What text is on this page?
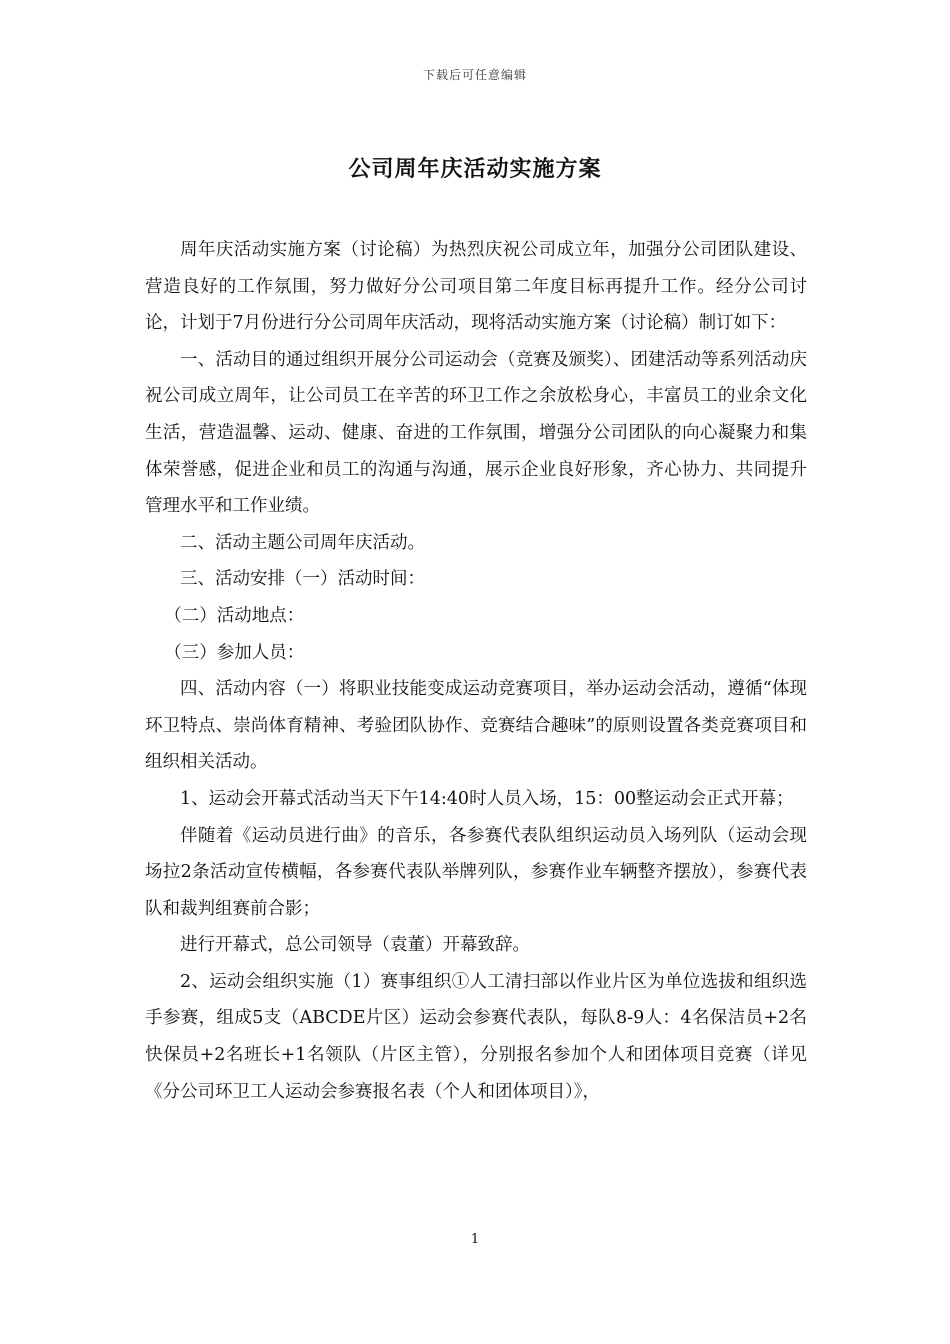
下载后可任意编辑
公司周年庆活动实施方案

周年庆活动实施方案（讨论稿）为热烈庆祝公司成立年，加强分公司团队建设、营造良好的工作氛围，努力做好分公司项目第二年度目标再提升工作。经分公司讨论，计划于7月份进行分公司周年庆活动，现将活动实施方案（讨论稿）制订如下：

一、活动目的通过组织开展分公司运动会（竞赛及颁奖）、团建活动等系列活动庆祝公司成立周年，让公司员工在辛苦的环卫工作之余放松身心，丰富员工的业余文化生活，营造温馨、运动、健康、奋进的工作氛围，增强分公司团队的向心凝聚力和集体荣誉感，促进企业和员工的沟通与沟通，展示企业良好形象，齐心协力、共同提升管理水平和工作业绩。

二、活动主题公司周年庆活动。

三、活动安排（一）活动时间：

（二）活动地点：

（三）参加人员：

四、活动内容（一）将职业技能变成运动竞赛项目，举办运动会活动，遵循“体现环卫特点、崇尚体育精神、考验团队协作、竞赛结合趣味”的原则设置各类竞赛项目和组织相关活动。

1、运动会开幕式活动当天下午14:40时人员入场，15：00整运动会正式开幕；

伴随着《运动员进行曲》的音乐，各参赛代表队组织运动员入场列队（运动会现场拉2条活动宣传横幅，各参赛代表队举牌列队，参赛作业车辆整齐摆放），参赛代表队和裁判组赛前合影；

进行开幕式，总公司领导（袁董）开幕致辞。

2、运动会组织实施（1）赛事组织①人工清扫部以作业片区为单位选拔和组织选手参赛，组成5支（ABCDE片区）运动会参赛代表队，每队8-9人：4名保洁员+2名快保员+2名班长+1名领队（片区主管），分别报名参加个人和团体项目竞赛（详见《分公司环卫工人运动会参赛报名表（个人和团体项目）》，

1
